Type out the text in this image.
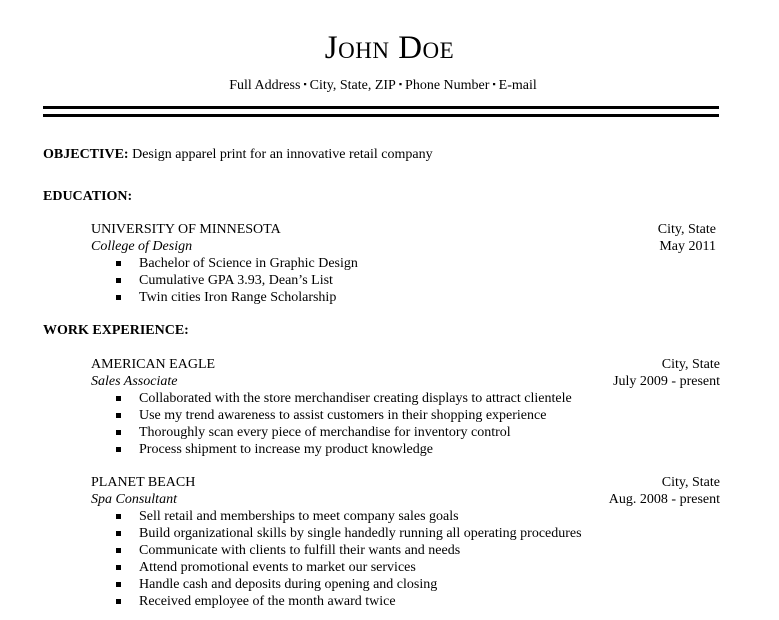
John Doe
Full Address ▪ City, State, ZIP ▪ Phone Number ▪ E-mail
OBJECTIVE: Design apparel print for an innovative retail company
EDUCATION:
UNIVERSITY OF MINNESOTA	City, State
College of Design	May 2011
Bachelor of Science in Graphic Design
Cumulative GPA 3.93, Dean’s List
Twin cities Iron Range Scholarship
WORK EXPERIENCE:
AMERICAN EAGLE	City, State
Sales Associate	July 2009 - present
Collaborated with the store merchandiser creating displays to attract clientele
Use my trend awareness to assist customers in their shopping experience
Thoroughly scan every piece of merchandise for inventory control
Process shipment to increase my product knowledge
PLANET BEACH	City, State
Spa Consultant	Aug. 2008 - present
Sell retail and memberships to meet company sales goals
Build organizational skills by single handedly running all operating procedures
Communicate with clients to fulfill their wants and needs
Attend promotional events to market our services
Handle cash and deposits during opening and closing
Received employee of the month award twice
